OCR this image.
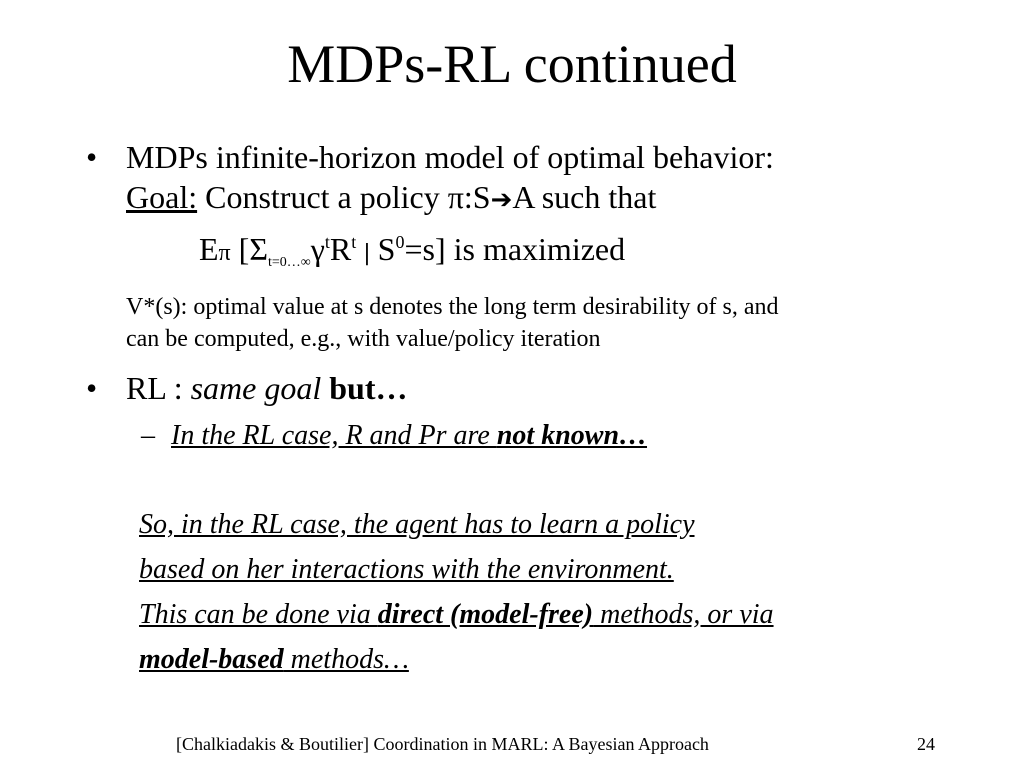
MDPs-RL continued
• MDPs infinite-horizon model of optimal behavior:
Goal: Construct a policy π:S➔A such that
Eπ [$\Sigma_{t=0\dots\infty}\gamma^tR^t$ | $S^0=s$] is maximized
V*(s): optimal value at s denotes the long term desirability of s, and
can be computed, e.g., with value/policy iteration
• RL : same goal but…
– In the RL case, R and Pr are not known…
So, in the RL case, the agent has to learn a policy
based on her interactions with the environment.
This can be done via direct (model-free) methods, or via
model-based methods…
[Chalkiadakis & Boutilier] Coordination in MARL: A Bayesian Approach	24
